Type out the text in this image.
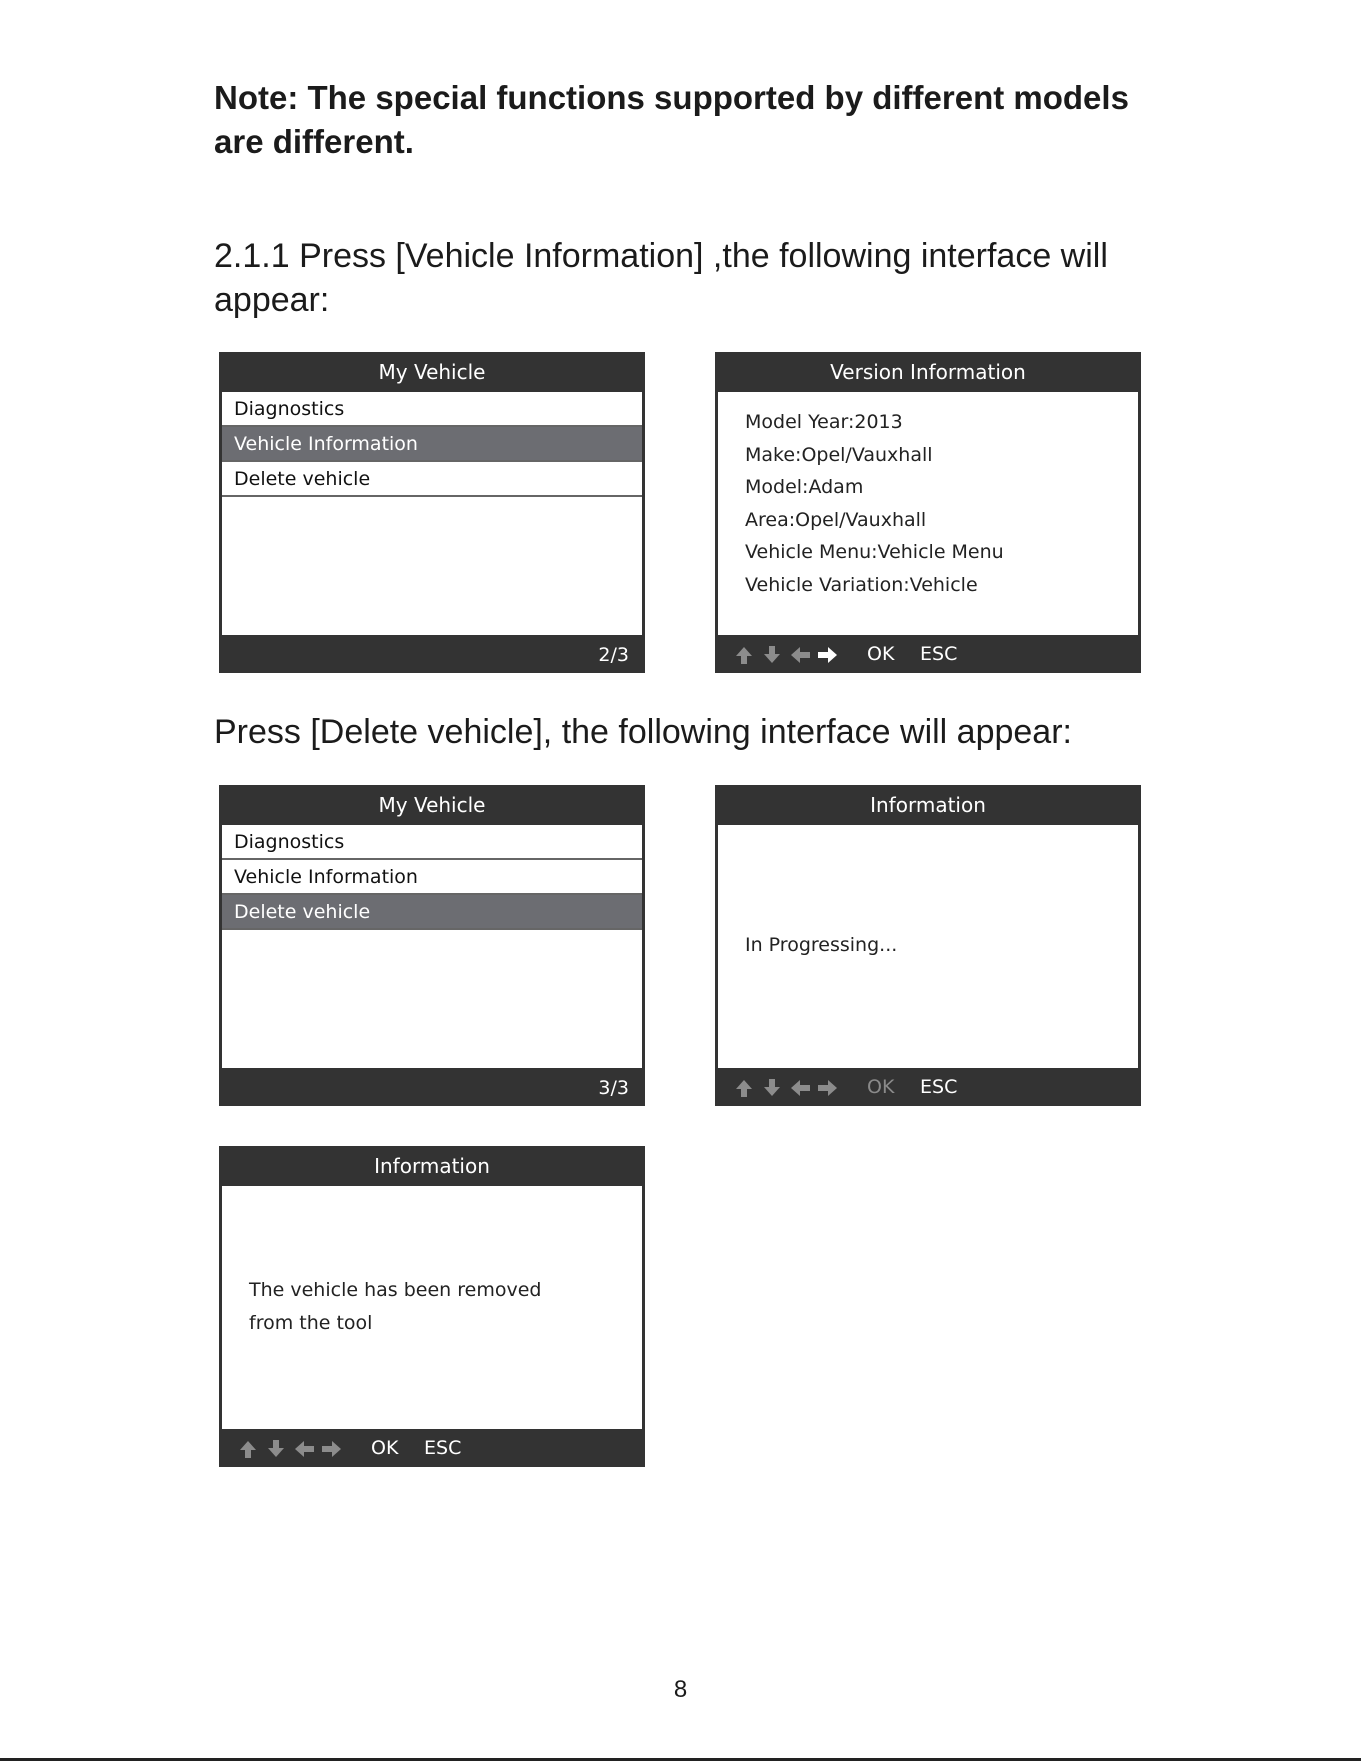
Note: The special functions supported by different models are different.

2.1.1 Press [Vehicle Information] ,the following interface will appear:

My Vehicle
Diagnostics
Vehicle Information
Delete vehicle
2/3
Version Information
Model Year:2013
Make:Opel/Vauxhall
Model:Adam
Area:Opel/Vauxhall
Vehicle Menu:Vehicle Menu
Vehicle Variation:Vehicle
OK ESC

Press [Delete vehicle], the following interface will appear:

My Vehicle
Diagnostics
Vehicle Information
Delete vehicle
3/3
Information
In Progressing...
OK ESC
Information
The vehicle has been removed
from the tool
OK ESC
8
